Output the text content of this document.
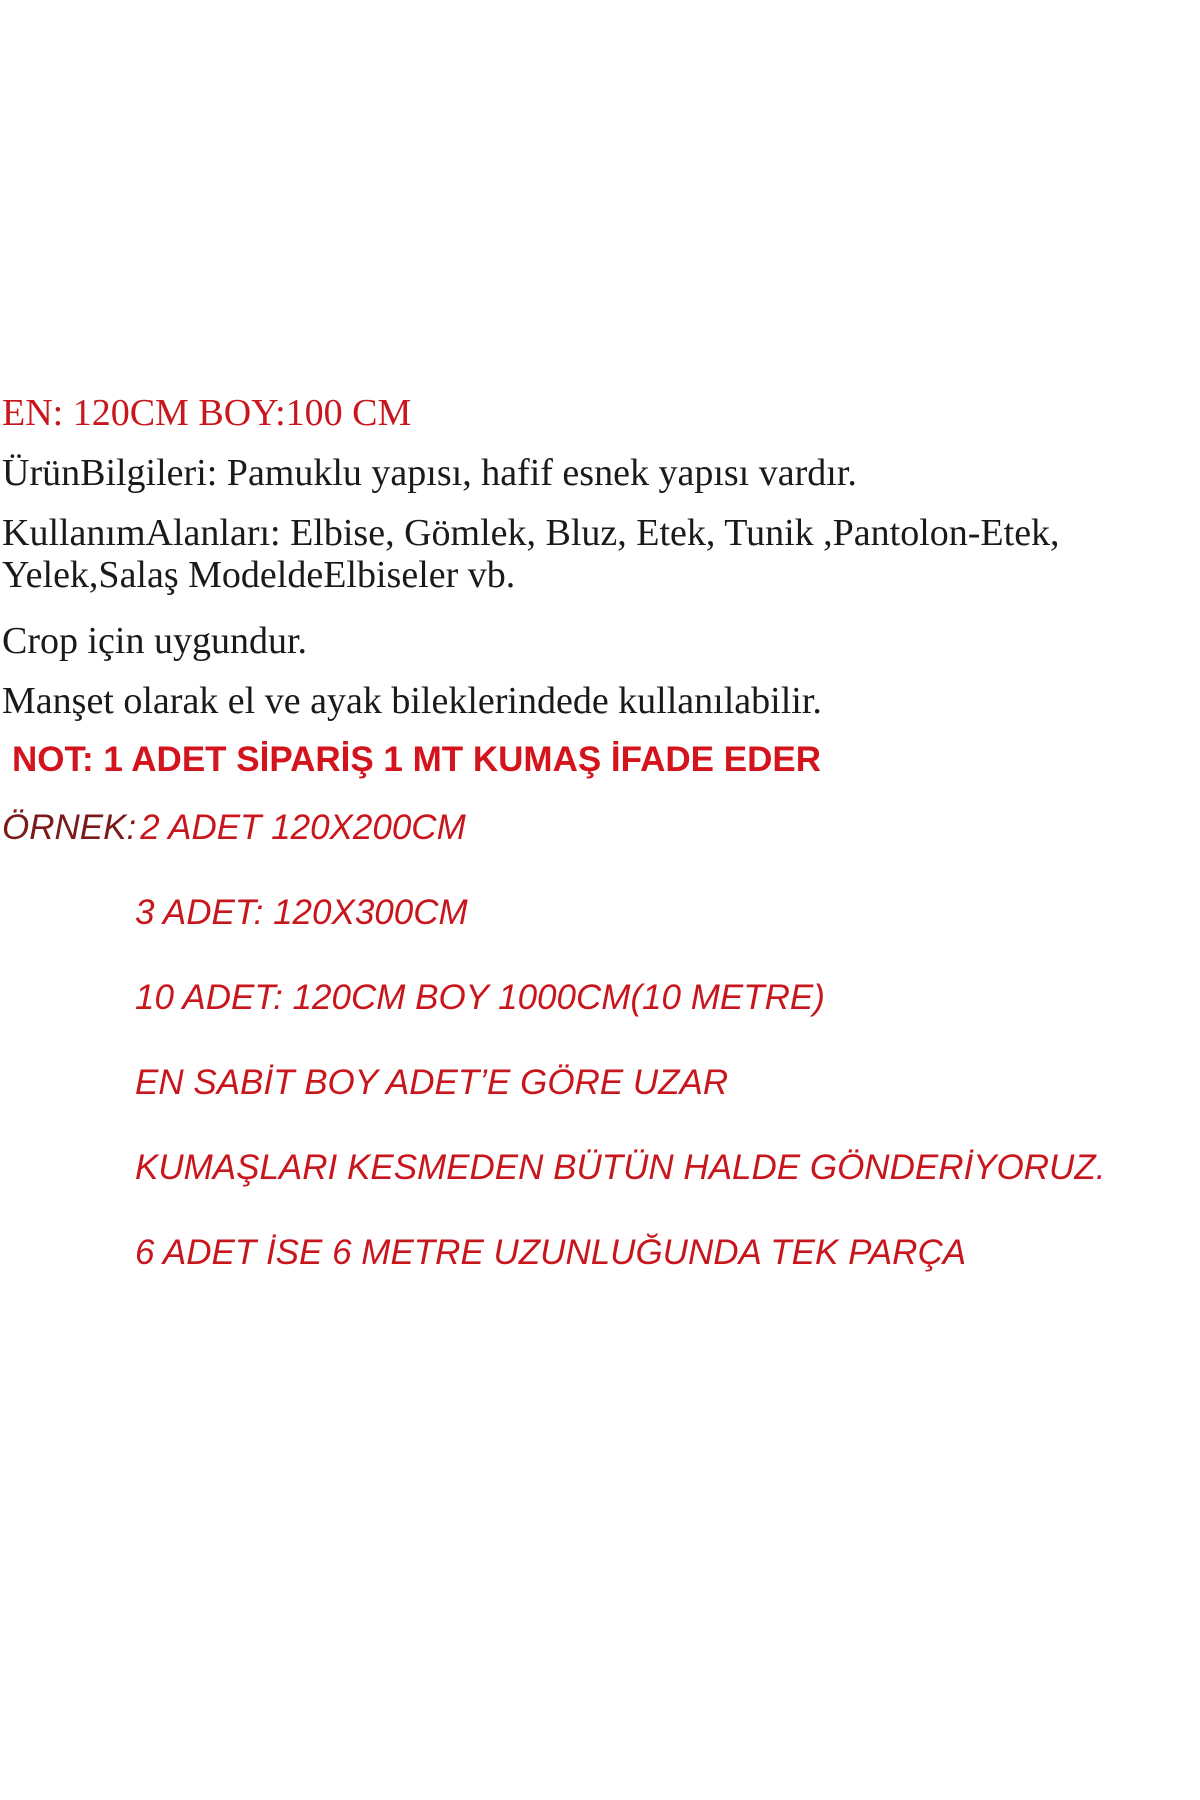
EN: 120CM BOY:100 CM

ÜrünBilgileri: Pamuklu yapısı, hafif esnek yapısı vardır.

KullanımAlanları: Elbise, Gömlek, Bluz, Etek, Tunik ,Pantolon-Etek, Yelek,Salaş ModeldeElbiseler vb.

Crop için uygundur.

Manşet olarak el ve ayak bileklerindede kullanılabilir.

NOT: 1 ADET SİPARİŞ 1 MT KUMAŞ İFADE EDER

ÖRNEK: 2 ADET 120X200CM

3 ADET: 120X300CM

10 ADET: 120CM BOY 1000CM(10 METRE)

EN SABİT BOY ADET’E GÖRE UZAR

KUMAŞLARI KESMEDEN BÜTÜN HALDE GÖNDERİYORUZ.

6 ADET İSE 6 METRE UZUNLUĞUNDA TEK PARÇA
